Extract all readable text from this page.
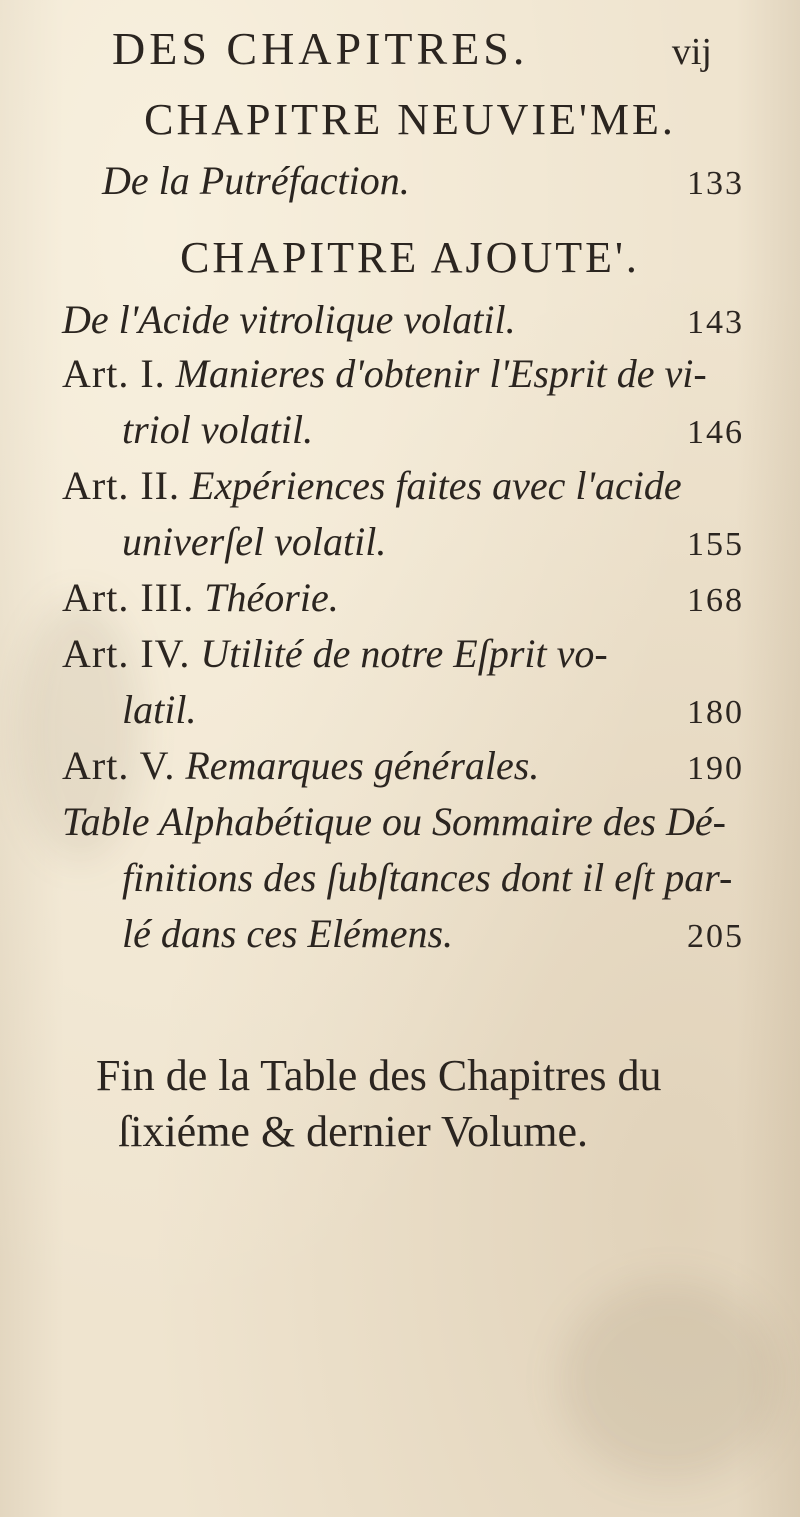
DES CHAPITRES.	vij
CHAPITRE NEUVIE'ME.
De la Putréfaction.	133
CHAPITRE AJOUTE'.
De l'Acide vitrolique volatil.	143
Art. I. Manieres d'obtenir l'Esprit de vi-
triol volatil.	146
Art. II. Expériences faites avec l'acide
univerſel volatil.	155
Art. III. Théorie.	168
Art. IV. Utilité de notre Eſprit vo-
latil.	180
Art. V. Remarques générales.	190
Table Alphabétique ou Sommaire des Dé-
finitions des ſubſtances dont il eſt par-
lé dans ces Elémens.	205
Fin de la Table des Chapitres du
ſixiéme & dernier Volume.
